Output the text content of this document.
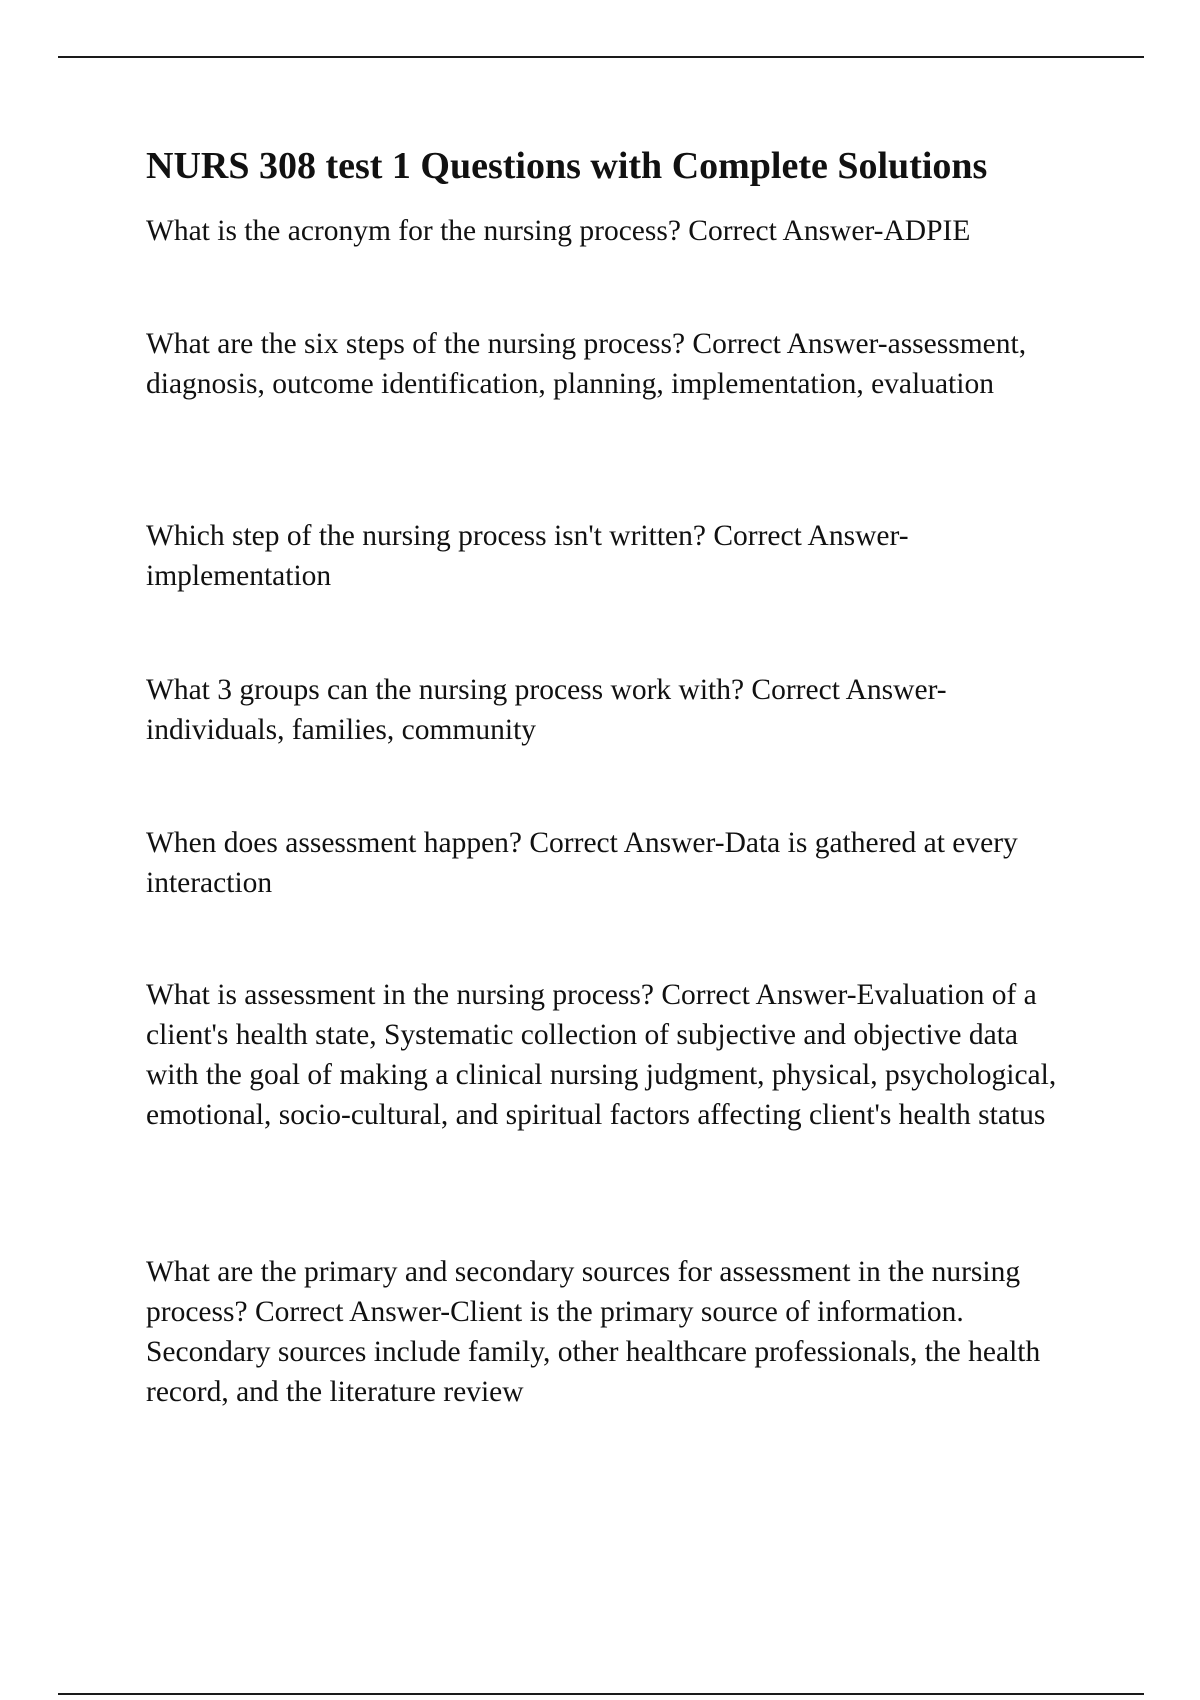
NURS 308 test 1 Questions with Complete Solutions

What is the acronym for the nursing process? Correct Answer-ADPIE

What are the six steps of the nursing process? Correct Answer-assessment, diagnosis, outcome identification, planning, implementation, evaluation

Which step of the nursing process isn't written? Correct Answer-implementation

What 3 groups can the nursing process work with? Correct Answer-individuals, families, community

When does assessment happen? Correct Answer-Data is gathered at every interaction

What is assessment in the nursing process? Correct Answer-Evaluation of a client's health state, Systematic collection of subjective and objective data with the goal of making a clinical nursing judgment, physical, psychological, emotional, socio-cultural, and spiritual factors affecting client's health status

What are the primary and secondary sources for assessment in the nursing process? Correct Answer-Client is the primary source of information. Secondary sources include family, other healthcare professionals, the health record, and the literature review
